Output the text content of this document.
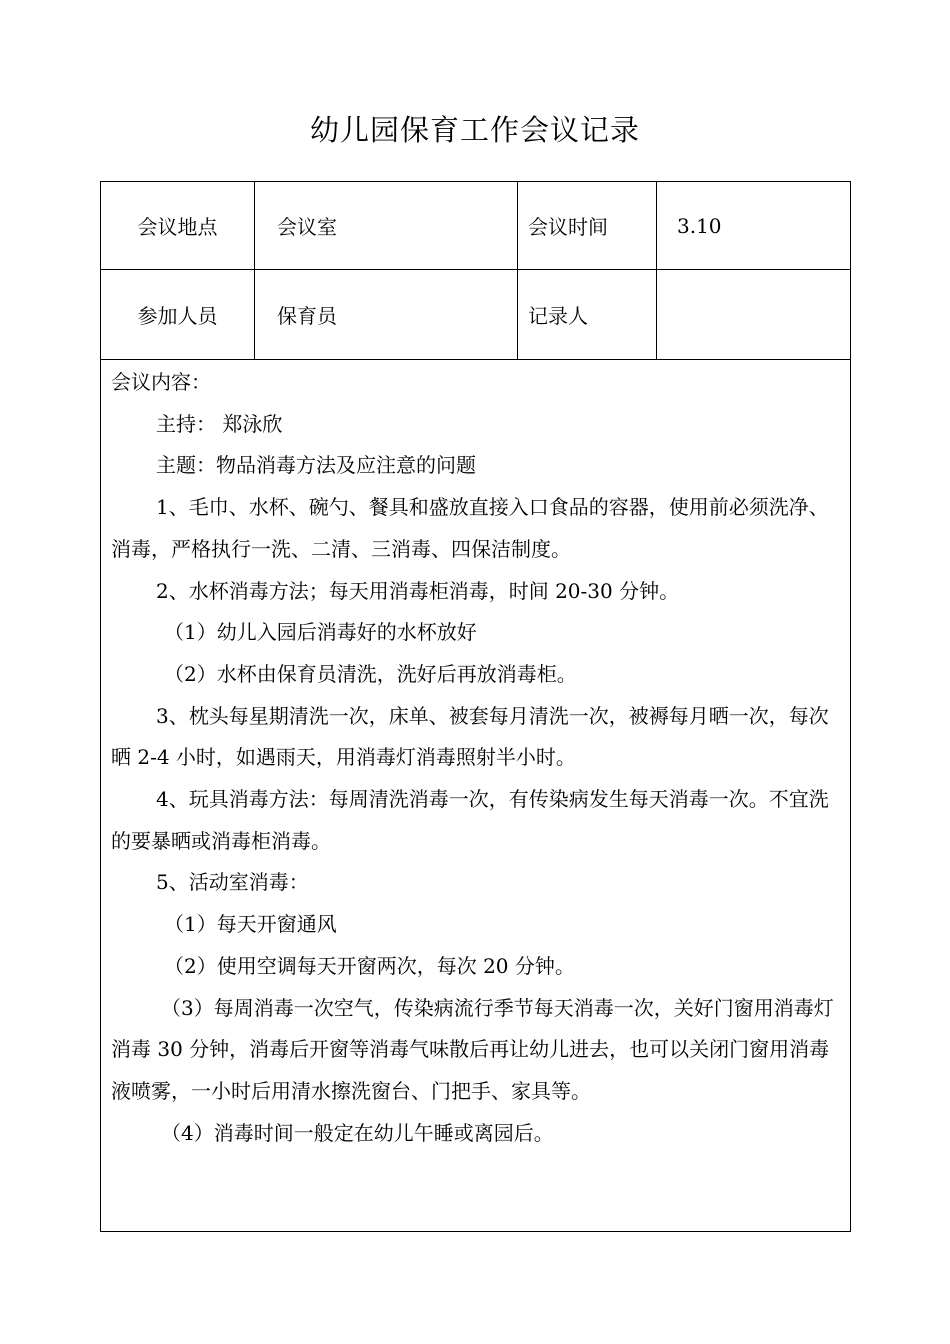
幼儿园保育工作会议记录
会议地点	会议室	会议时间	3.10
参加人员	保育员	记录人

会议内容：

主持： 郑泳欣

主题：物品消毒方法及应注意的问题

1、毛巾、水杯、碗勺、餐具和盛放直接入口食品的容器，使用前必须洗净、消毒，严格执行一洗、二清、三消毒、四保洁制度。

2、水杯消毒方法；每天用消毒柜消毒，时间 20-30 分钟。

（1）幼儿入园后消毒好的水杯放好

（2）水杯由保育员清洗，洗好后再放消毒柜。

3、枕头每星期清洗一次，床单、被套每月清洗一次，被褥每月晒一次，每次晒 2-4 小时，如遇雨天，用消毒灯消毒照射半小时。

4、玩具消毒方法：每周清洗消毒一次，有传染病发生每天消毒一次。不宜洗的要暴晒或消毒柜消毒。

5、活动室消毒：

（1）每天开窗通风

（2）使用空调每天开窗两次，每次 20 分钟。

（3）每周消毒一次空气，传染病流行季节每天消毒一次，关好门窗用消毒灯消毒 30 分钟，消毒后开窗等消毒气味散后再让幼儿进去，也可以关闭门窗用消毒液喷雾，一小时后用清水擦洗窗台、门把手、家具等。

（4）消毒时间一般定在幼儿午睡或离园后。
